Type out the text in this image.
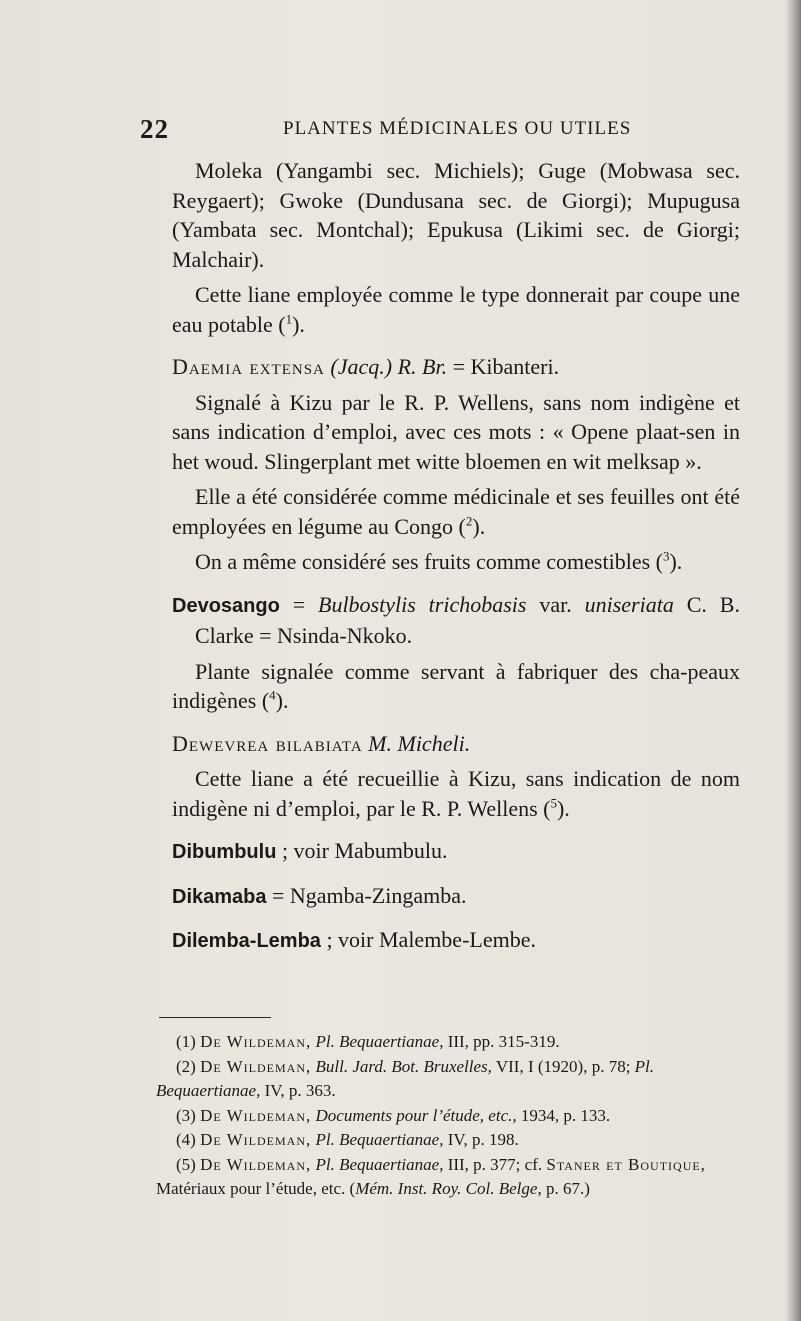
22	PLANTES MÉDICINALES OU UTILES

Moleka (Yangambi sec. Michiels); Guge (Mobwasa sec. Reygaert); Gwoke (Dundusana sec. de Giorgi); Mupugusa (Yambata sec. Montchal); Epukusa (Likimi sec. de Giorgi; Malchair).

Cette liane employée comme le type donnerait par coupe une eau potable ($^1$).

Daemia extensa (Jacq.) R. Br. = Kibanteri.

Signalé à Kizu par le R. P. Wellens, sans nom indigène et sans indication d’emploi, avec ces mots : « Opene plaat-sen in het woud. Slingerplant met witte bloemen en wit melksap ».

Elle a été considérée comme médicinale et ses feuilles ont été employées en légume au Congo ($^2$).

On a même considéré ses fruits comme comestibles ($^3$).

Devosango = Bulbostylis trichobasis var. uniseriata C. B. Clarke = Nsinda-Nkoko.

Plante signalée comme servant à fabriquer des cha-peaux indigènes ($^4$).

Dewevrea bilabiata M. Micheli.

Cette liane a été recueillie à Kizu, sans indication de nom indigène ni d’emploi, par le R. P. Wellens ($^5$).

Dibumbulu ; voir Mabumbulu.

Dikamaba = Ngamba-Zingamba.

Dilemba-Lemba ; voir Malembe-Lembe.

(1) De Wildeman, Pl. Bequaertianae, III, pp. 315-319.

(2) De Wildeman, Bull. Jard. Bot. Bruxelles, VII, I (1920), p. 78; Pl. Bequaertianae, IV, p. 363.

(3) De Wildeman, Documents pour l’étude, etc., 1934, p. 133.

(4) De Wildeman, Pl. Bequaertianae, IV, p. 198.

(5) De Wildeman, Pl. Bequaertianae, III, p. 377; cf. Staner et Boutique, Matériaux pour l’étude, etc. (Mém. Inst. Roy. Col. Belge, p. 67.)
